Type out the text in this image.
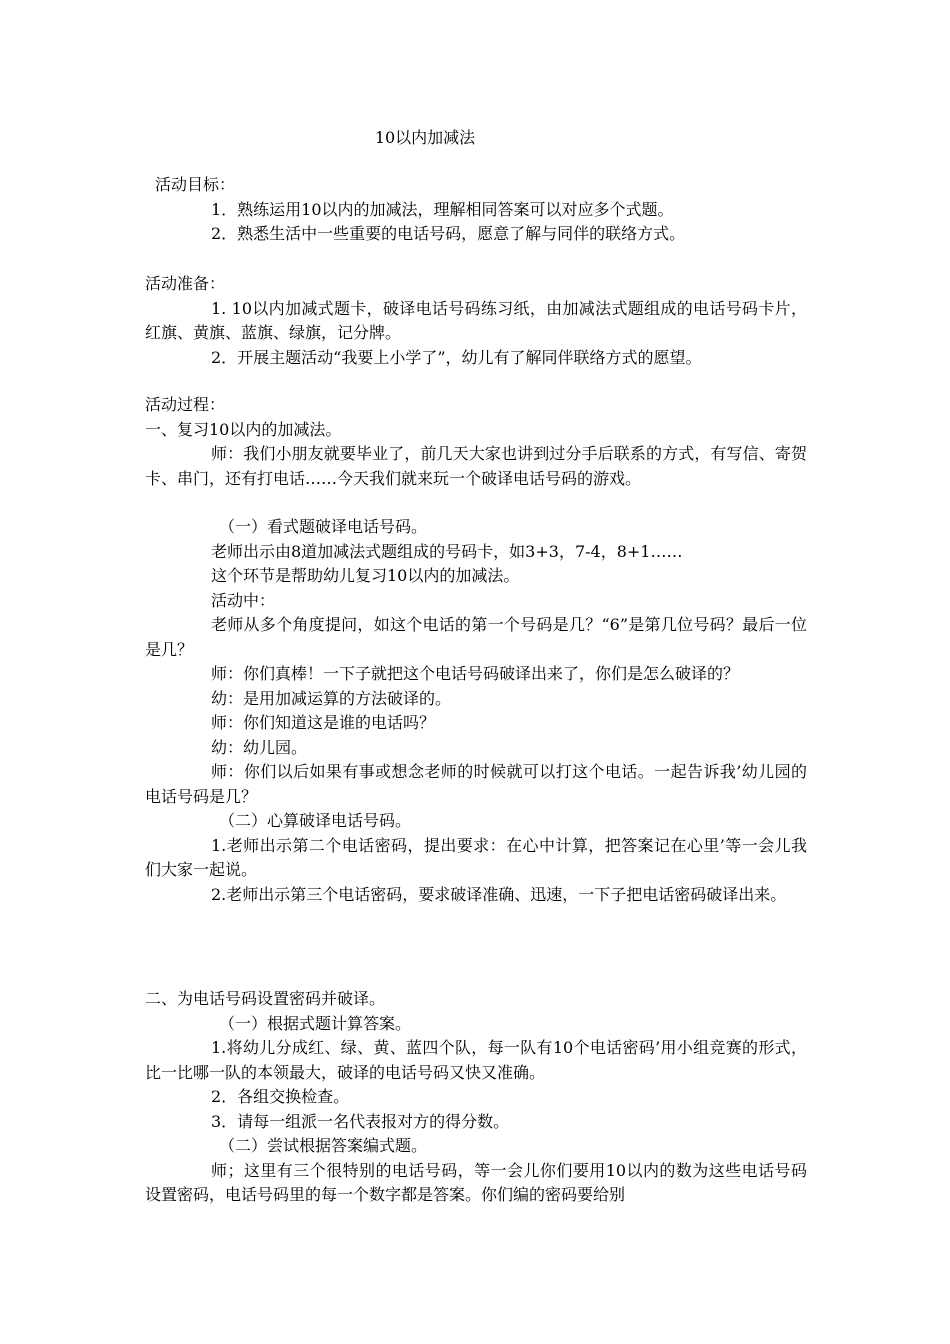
10以内加减法

活动目标：

1．熟练运用10以内的加减法，理解相同答案可以对应多个式题。

2．熟悉生活中一些重要的电话号码，愿意了解与同伴的联络方式。

活动准备：

1. 10以内加减式题卡，破译电话号码练习纸，由加减法式题组成的电话号码卡片，红旗、黄旗、蓝旗、绿旗，记分牌。

2．开展主题活动“我要上小学了”，幼儿有了解同伴联络方式的愿望。

活动过程：

一、复习10以内的加减法。

师：我们小朋友就要毕业了，前几天大家也讲到过分手后联系的方式，有写信、寄贺卡、串门，还有打电话……今天我们就来玩一个破译电话号码的游戏。

（一）看式题破译电话号码。

老师出示由8道加减法式题组成的号码卡，如3+3，7-4，8+1……

这个环节是帮助幼儿复习10以内的加减法。

活动中：

老师从多个角度提问，如这个电话的第一个号码是几？“6”是第几位号码？最后一位是几？

师：你们真棒！一下子就把这个电话号码破译出来了，你们是怎么破译的？

幼：是用加减运算的方法破译的。

师：你们知道这是谁的电话吗？

幼：幼儿园。

师：你们以后如果有事或想念老师的时候就可以打这个电话。一起告诉我’幼儿园的电话号码是几？

（二）心算破译电话号码。

1.老师出示第二个电话密码，提出要求：在心中计算，把答案记在心里’等一会儿我们大家一起说。

2.老师出示第三个电话密码，要求破译准确、迅速，一下子把电话密码破译出来。

二、为电话号码设置密码并破译。

（一）根据式题计算答案。

1.将幼儿分成红、绿、黄、蓝四个队，每一队有10个电话密码’用小组竞赛的形式，比一比哪一队的本领最大，破译的电话号码又快又准确。

2．各组交换检查。

3．请每一组派一名代表报对方的得分数。

（二）尝试根据答案编式题。

师；这里有三个很特别的电话号码，等一会儿你们要用10以内的数为这些电话号码设置密码，电话号码里的每一个数字都是答案。你们编的密码要给别
